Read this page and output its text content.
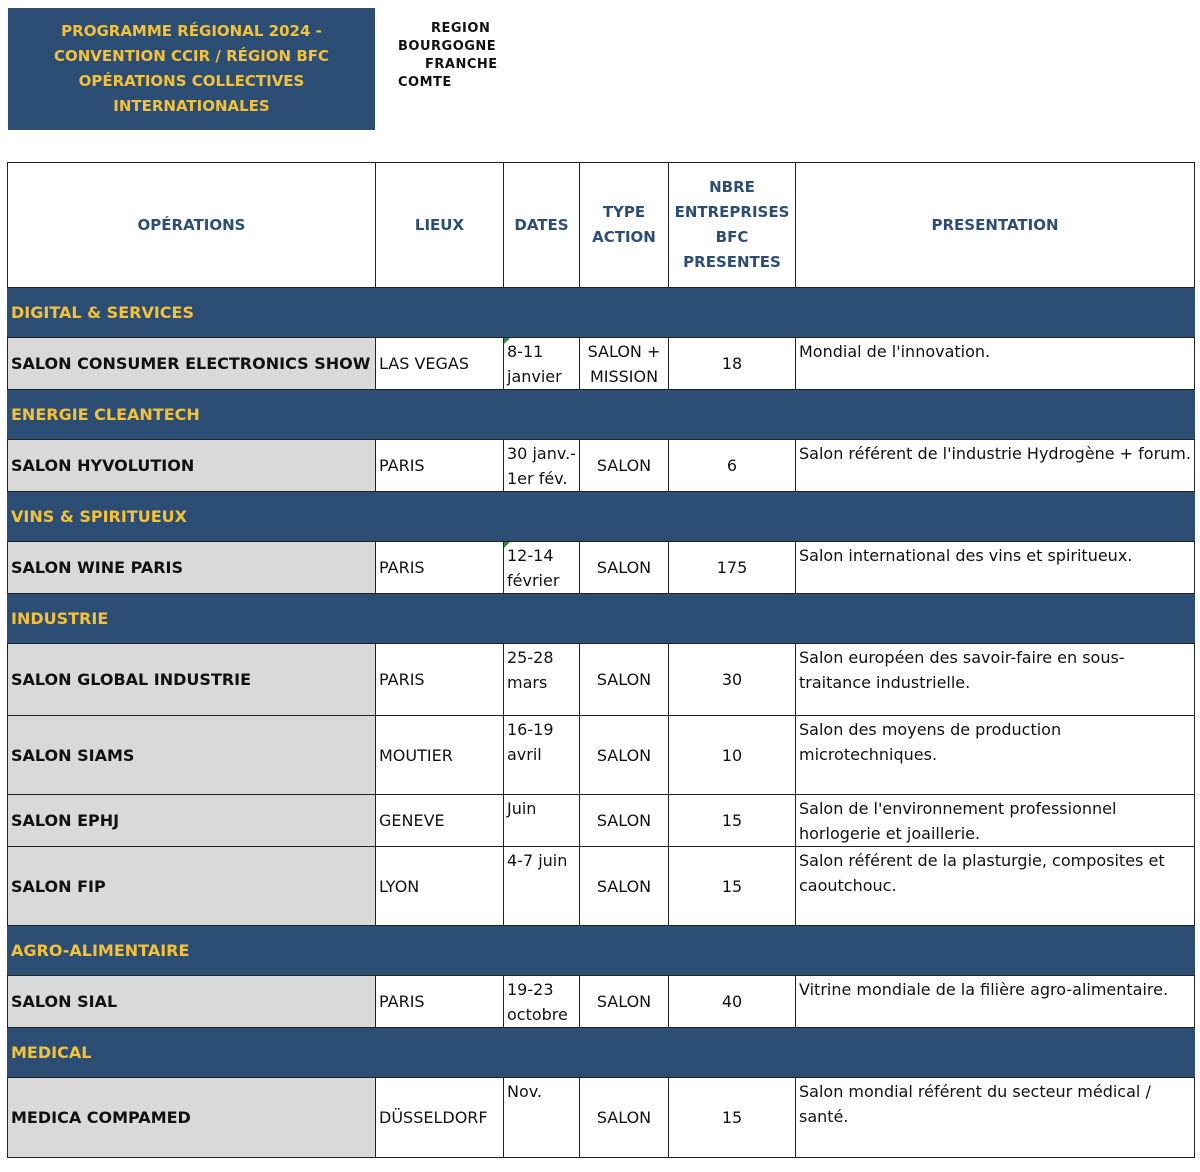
PROGRAMME RÉGIONAL 2024 -
CONVENTION CCIR / RÉGION BFC
OPÉRATIONS COLLECTIVES
INTERNATIONALES
REGION
BOURGOGNE
FRANCHE
COMTE
OPÉRATIONS	LIEUX	DATES	TYPE ACTION	NBRE ENTREPRISES BFC PRESENTES	PRESENTATION
DIGITAL & SERVICES					
SALON CONSUMER ELECTRONICS SHOW	LAS VEGAS	8-11 janvier	SALON + MISSION	18	Mondial de l'innovation.
ENERGIE CLEANTECH					
SALON HYVOLUTION	PARIS	30 janv.- 1er fév.	SALON	6	Salon référent de l'industrie Hydrogène + forum.
VINS & SPIRITUEUX					
SALON WINE PARIS	PARIS	12-14 février	SALON	175	Salon international des vins et spiritueux.
INDUSTRIE					
SALON GLOBAL INDUSTRIE	PARIS	25-28 mars	SALON	30	Salon européen des savoir-faire en sous-traitance industrielle.
SALON SIAMS	MOUTIER	16-19 avril	SALON	10	Salon des moyens de production microtechniques.
SALON EPHJ	GENEVE	Juin	SALON	15	Salon de l'environnement professionnel horlogerie et joaillerie.
SALON FIP	LYON	4-7 juin	SALON	15	Salon référent de la plasturgie, composites et caoutchouc.
AGRO-ALIMENTAIRE					
SALON SIAL	PARIS	19-23 octobre	SALON	40	Vitrine mondiale de la filière agro-alimentaire.
MEDICAL					
MEDICA COMPAMED	DÜSSELDORF	Nov.	SALON	15	Salon mondial référent du secteur médical / santé.
